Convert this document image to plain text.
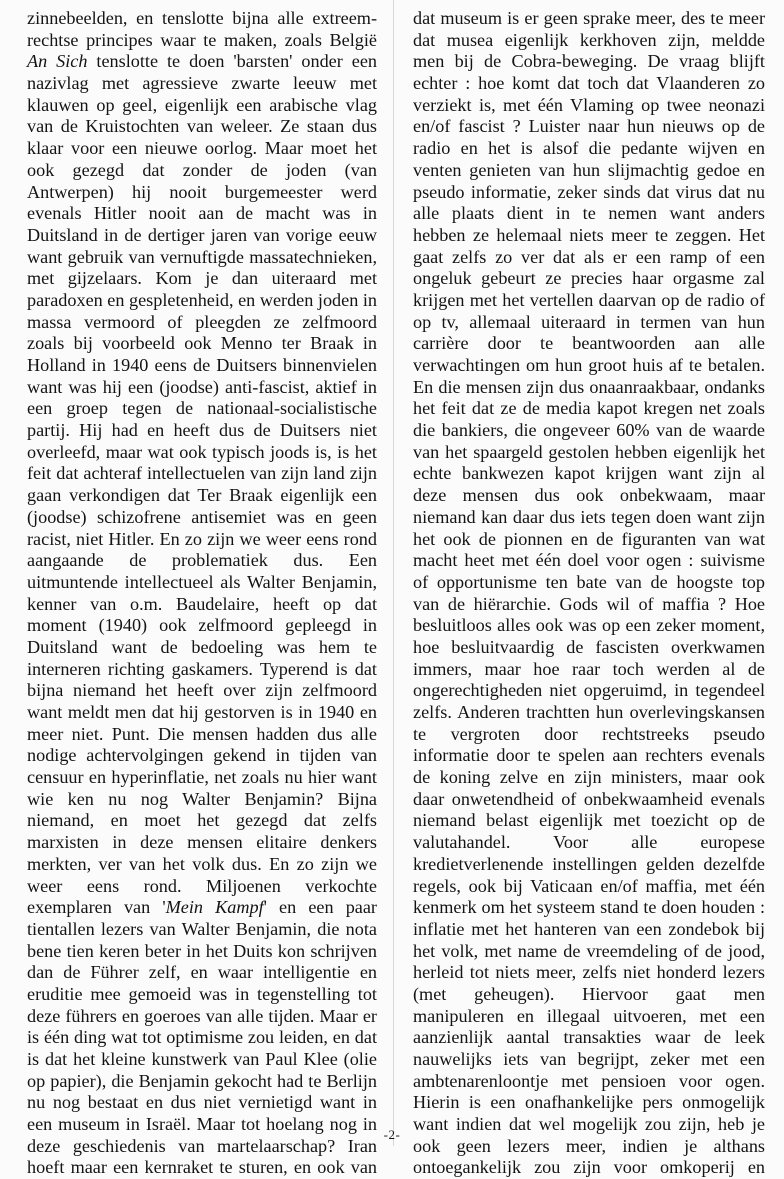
zinnebeelden, en tenslotte bijna alle extreem-
rechtse principes waar te maken, zoals België
An Sich tenslotte te doen 'barsten' onder een
nazivlag met agressieve zwarte leeuw met
klauwen op geel, eigenlijk een arabische vlag
van de Kruistochten van weleer. Ze staan dus
klaar voor een nieuwe oorlog. Maar moet het
ook gezegd dat zonder de joden (van
Antwerpen) hij nooit burgemeester werd
evenals Hitler nooit aan de macht was in
Duitsland in de dertiger jaren van vorige eeuw
want gebruik van vernuftigde massatechnieken,
met gijzelaars. Kom je dan uiteraard met
paradoxen en gespletenheid, en werden joden in
massa vermoord of pleegden ze zelfmoord
zoals bij voorbeeld ook Menno ter Braak in
Holland in 1940 eens de Duitsers binnenvielen
want was hij een (joodse) anti-fascist, aktief in
een groep tegen de nationaal-socialistische
partij. Hij had en heeft dus de Duitsers niet
overleefd, maar wat ook typisch joods is, is het
feit dat achteraf intellectuelen van zijn land zijn
gaan verkondigen dat Ter Braak eigenlijk een
(joodse) schizofrene antisemiet was en geen
racist, niet Hitler. En zo zijn we weer eens rond
aangaande de problematiek dus. Een
uitmuntende intellectueel als Walter Benjamin,
kenner van o.m. Baudelaire, heeft op dat
moment (1940) ook zelfmoord gepleegd in
Duitsland want de bedoeling was hem te
interneren richting gaskamers. Typerend is dat
bijna niemand het heeft over zijn zelfmoord
want meldt men dat hij gestorven is in 1940 en
meer niet. Punt. Die mensen hadden dus alle
nodige achtervolgingen gekend in tijden van
censuur en hyperinflatie, net zoals nu hier want
wie ken nu nog Walter Benjamin? Bijna
niemand, en moet het gezegd dat zelfs
marxisten in deze mensen elitaire denkers
merkten, ver van het volk dus. En zo zijn we
weer eens rond. Miljoenen verkochte
exemplaren van 'Mein Kampf' en een paar
tientallen lezers van Walter Benjamin, die nota
bene tien keren beter in het Duits kon schrijven
dan de Führer zelf, en waar intelligentie en
eruditie mee gemoeid was in tegenstelling tot
deze führers en goeroes van alle tijden. Maar er
is één ding wat tot optimisme zou leiden, en dat
is dat het kleine kunstwerk van Paul Klee (olie
op papier), die Benjamin gekocht had te Berlijn
nu nog bestaat en dus niet vernietigd want in
een museum in Israël. Maar tot hoelang nog in
deze geschiedenis van martelaarschap? Iran
hoeft maar een kernraket te sturen, en ook van
dat museum is er geen sprake meer, des te meer
dat musea eigenlijk kerkhoven zijn, meldde
men bij de Cobra-beweging. De vraag blijft
echter : hoe komt dat toch dat Vlaanderen zo
verziekt is, met één Vlaming op twee neonazi
en/of fascist ? Luister naar hun nieuws op de
radio en het is alsof die pedante wijven en
venten genieten van hun slijmachtig gedoe en
pseudo informatie, zeker sinds dat virus dat nu
alle plaats dient in te nemen want anders
hebben ze helemaal niets meer te zeggen. Het
gaat zelfs zo ver dat als er een ramp of een
ongeluk gebeurt ze precies haar orgasme zal
krijgen met het vertellen daarvan op de radio of
op tv, allemaal uiteraard in termen van hun
carrière door te beantwoorden aan alle
verwachtingen om hun groot huis af te betalen.
En die mensen zijn dus onaanraakbaar, ondanks
het feit dat ze de media kapot kregen net zoals
die bankiers, die ongeveer 60% van de waarde
van het spaargeld gestolen hebben eigenlijk het
echte bankwezen kapot krijgen want zijn al
deze mensen dus ook onbekwaam, maar
niemand kan daar dus iets tegen doen want zijn
het ook de pionnen en de figuranten van wat
macht heet met één doel voor ogen : suivisme
of opportunisme ten bate van de hoogste top
van de hiërarchie. Gods wil of maffia ? Hoe
besluitloos alles ook was op een zeker moment,
hoe besluitvaardig de fascisten overkwamen
immers, maar hoe raar toch werden al de
ongerechtigheden niet opgeruimd, in tegendeel
zelfs. Anderen trachtten hun overlevingskansen
te vergroten door rechtstreeks pseudo
informatie door te spelen aan rechters evenals
de koning zelve en zijn ministers, maar ook
daar onwetendheid of onbekwaamheid evenals
niemand belast eigenlijk met toezicht op de
valutahandel. Voor alle europese
kredietverlenende instellingen gelden dezelfde
regels, ook bij Vaticaan en/of maffia, met één
kenmerk om het systeem stand te doen houden :
inflatie met het hanteren van een zondebok bij
het volk, met name de vreemdeling of de jood,
herleid tot niets meer, zelfs niet honderd lezers
(met geheugen). Hiervoor gaat men
manipuleren en illegaal uitvoeren, met een
aanzienlijk aantal transakties waar de leek
nauwelijks iets van begrijpt, zeker met een
ambtenarenloontje met pensioen voor ogen.
Hierin is een onafhankelijke pers onmogelijk
want indien dat wel mogelijk zou zijn, heb je
ook geen lezers meer, indien je althans
ontoegankelijk zou zijn voor omkoperij en
-2-
